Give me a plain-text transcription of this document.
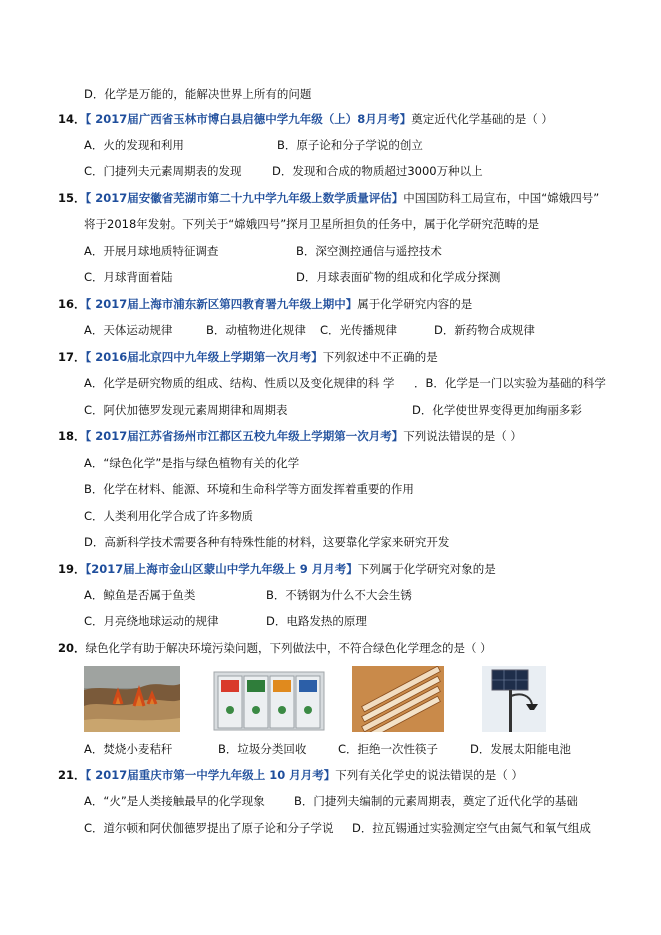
D．化学是万能的，能解决世界上所有的问题
14．【 2017届广西省玉林市博白县启德中学九年级（上）8月月考】奠定近代化学基础的是（ ）
A．火的发现和利用	B．原子论和分子学说的创立
C．门捷列夫元素周期表的发现	D．发现和合成的物质超过3000万种以上
15．【 2017届安徽省芜湖市第二十九中学九年级上数学质量评估】中国国防科工局宣布，中国“嫦娥四号”
将于2018年发射。下列关于“嫦娥四号”探月卫星所担负的任务中，属于化学研究范畴的是
A．开展月球地质特征调查	B．深空测控通信与遥控技术
C．月球背面着陆	D．月球表面矿物的组成和化学成分探测
16．【 2017届上海市浦东新区第四教育署九年级上期中】属于化学研究内容的是
A．天体运动规律	B．动植物进化规律 C．光传播规律	D．新药物合成规律
17．【 2016届北京四中九年级上学期第一次月考】下列叙述中不正确的是
A．化学是研究物质的组成、结构、性质以及变化规律的科 学 ．B．化学是一门以实验为基础的科学
C．阿伏加德罗发现元素周期律和周期表	D．化学使世界变得更加绚丽多彩
18．【 2017届江苏省扬州市江都区五校九年级上学期第一次月考】下列说法错误的是（ ）
A．“绿色化学”是指与绿色植物有关的化学
B．化学在材料、能源、环境和生命科学等方面发挥着重要的作用
C．人类利用化学合成了许多物质
D．高新科学技术需要各种有特殊性能的材料，这要靠化学家来研究开发
19．【2017届上海市金山区蒙山中学九年级上 9 月月考】下列属于化学研究对象的是
A．鲸鱼是否属于鱼类	B．不锈钢为什么不大会生锈
C．月亮绕地球运动的规律	D．电路发热的原理
20．绿色化学有助于解决环境污染问题，下列做法中，不符合绿色化学理念的是（ ）
A．焚烧小麦秸秆	B．垃圾分类回收	C．拒绝一次性筷子	D．发展太阳能电池
21．【 2017届重庆市第一中学九年级上 10 月月考】下列有关化学史的说法错误的是（ ）
A．“火”是人类接触最早的化学现象	B．门捷列夫编制的元素周期表，奠定了近代化学的基础
C．道尔顿和阿伏伽德罗提出了原子论和分子学说 D．拉瓦锡通过实验测定空气由氮气和氧气组成
